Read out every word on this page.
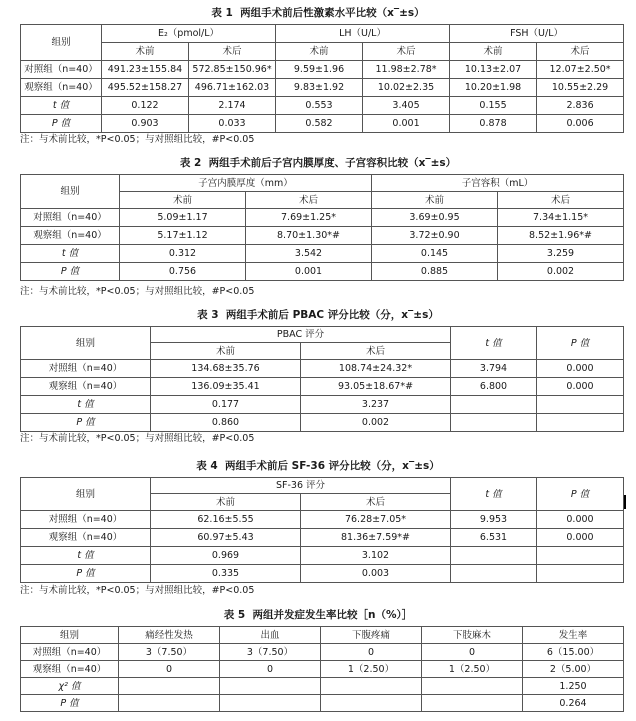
表 1  两组手术前后性激素水平比较（x‾±s）
组别	E₂（pmol/L）		LH（U/L）		FSH（U/L）	
	术前	术后	术前	术后	术前	术后
对照组（n=40）	491.23±155.84	572.85±150.96*	9.59±1.96	11.98±2.78*	10.13±2.07	12.07±2.50*
观察组（n=40）	495.52±158.27	496.71±162.03	9.83±1.92	10.02±2.35	10.20±1.98	10.55±2.29
t 值	0.122	2.174	0.553	3.405	0.155	2.836
P 值	0.903	0.033	0.582	0.001	0.878	0.006
注：与术前比较，*P<0.05；与对照组比较，#P<0.05
表 2  两组手术前后子宫内膜厚度、子宫容积比较（x‾±s）
组别	子宫内膜厚度（mm）		子宫容积（mL）	
	术前	术后	术前	术后
对照组（n=40）	5.09±1.17	7.69±1.25*	3.69±0.95	7.34±1.15*
观察组（n=40）	5.17±1.12	8.70±1.30*#	3.72±0.90	8.52±1.96*#
t 值	0.312	3.542	0.145	3.259
P 值	0.756	0.001	0.885	0.002
注：与术前比较，*P<0.05；与对照组比较，#P<0.05
表 3  两组手术前后 PBAC 评分比较（分，x‾±s）
组别	PBAC 评分		t 值	P 值
	术前	术后		
对照组（n=40）	134.68±35.76	108.74±24.32*	3.794	0.000
观察组（n=40）	136.09±35.41	93.05±18.67*#	6.800	0.000
t 值	0.177	3.237		
P 值	0.860	0.002		
注：与术前比较，*P<0.05；与对照组比较，#P<0.05
表 4  两组手术前后 SF-36 评分比较（分，x‾±s）
组别	SF-36 评分		t 值	P 值
	术前	术后		
对照组（n=40）	62.16±5.55	76.28±7.05*	9.953	0.000
观察组（n=40）	60.97±5.43	81.36±7.59*#	6.531	0.000
t 值	0.969	3.102		
P 值	0.335	0.003		
注：与术前比较，*P<0.05；与对照组比较，#P<0.05
表 5  两组并发症发生率比较［n（%）］
组别	痛经性发热	出血	下腹疼痛	下肢麻木	发生率
对照组（n=40）	3（7.50）	3（7.50）	0	0	6（15.00）
观察组（n=40）	0	0	1（2.50）	1（2.50）	2（5.00）
χ² 值					1.250
P 值					0.264
